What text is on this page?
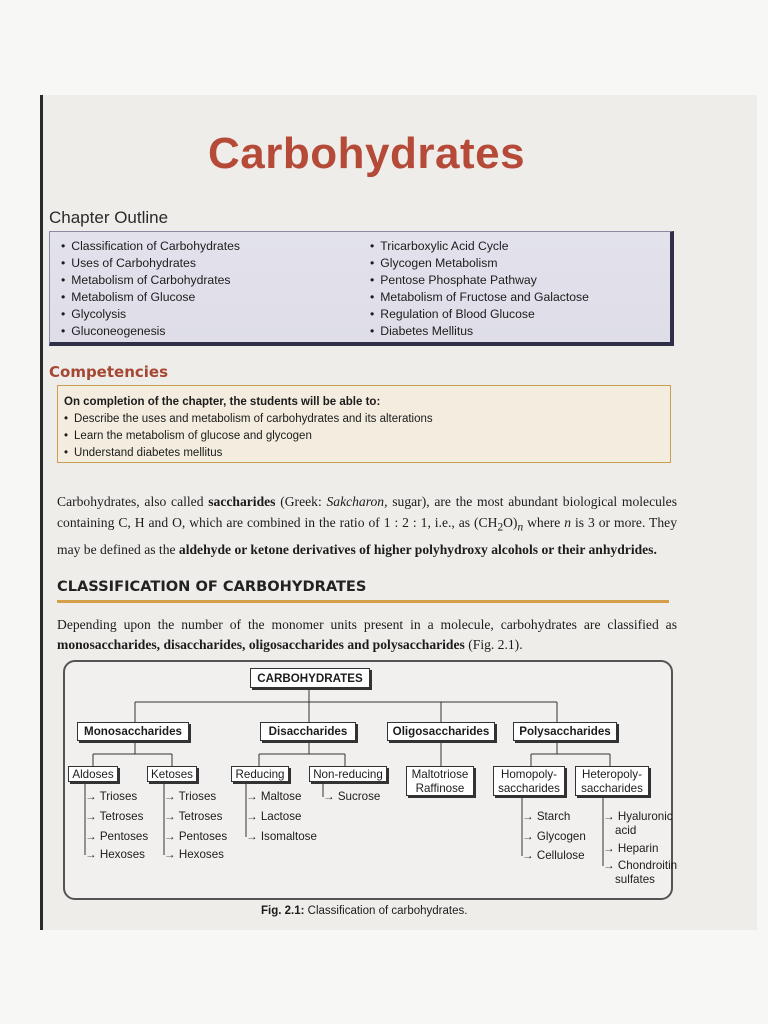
Carbohydrates
Chapter Outline
• Classification of Carbohydrates
• Uses of Carbohydrates
• Metabolism of Carbohydrates
• Metabolism of Glucose
• Glycolysis
• Gluconeogenesis
• Tricarboxylic Acid Cycle
• Glycogen Metabolism
• Pentose Phosphate Pathway
• Metabolism of Fructose and Galactose
• Regulation of Blood Glucose
• Diabetes Mellitus
Competencies
On completion of the chapter, the students will be able to:
• Describe the uses and metabolism of carbohydrates and its alterations
• Learn the metabolism of glucose and glycogen
• Understand diabetes mellitus
Carbohydrates, also called saccharides (Greek: Sakcharon, sugar), are the most abundant biological molecules containing C, H and O, which are combined in the ratio of 1 : 2 : 1, i.e., as $(CH_2O)_n$ where n is 3 or more. They may be defined as the aldehyde or ketone derivatives of higher polyhydroxy alcohols or their anhydrides.
CLASSIFICATION OF CARBOHYDRATES
Depending upon the number of the monomer units present in a molecule, carbohydrates are classified as monosaccharides, disaccharides, oligosaccharides and polysaccharides (Fig. 2.1).
CARBOHYDRATES
Monosaccharides	Disaccharides	Oligosaccharides	Polysaccharides
Aldoses	Ketoses	Reducing	Non-reducing	Maltotriose
Raffinose
Homopoly-
saccharides
Heteropoly-
saccharides
→ Trioses
→ Tetroses
→ Pentoses
→ Hexoses
→ Trioses
→ Tetroses
→ Pentoses
→ Hexoses
→ Maltose
→ Lactose
→ Isomaltose
→ Sucrose
→ Starch
→ Glycogen
→ Cellulose
→ Hyaluronic
acid
→ Heparin
→ Chondroitin
sulfates
Fig. 2.1: Classification of carbohydrates.
